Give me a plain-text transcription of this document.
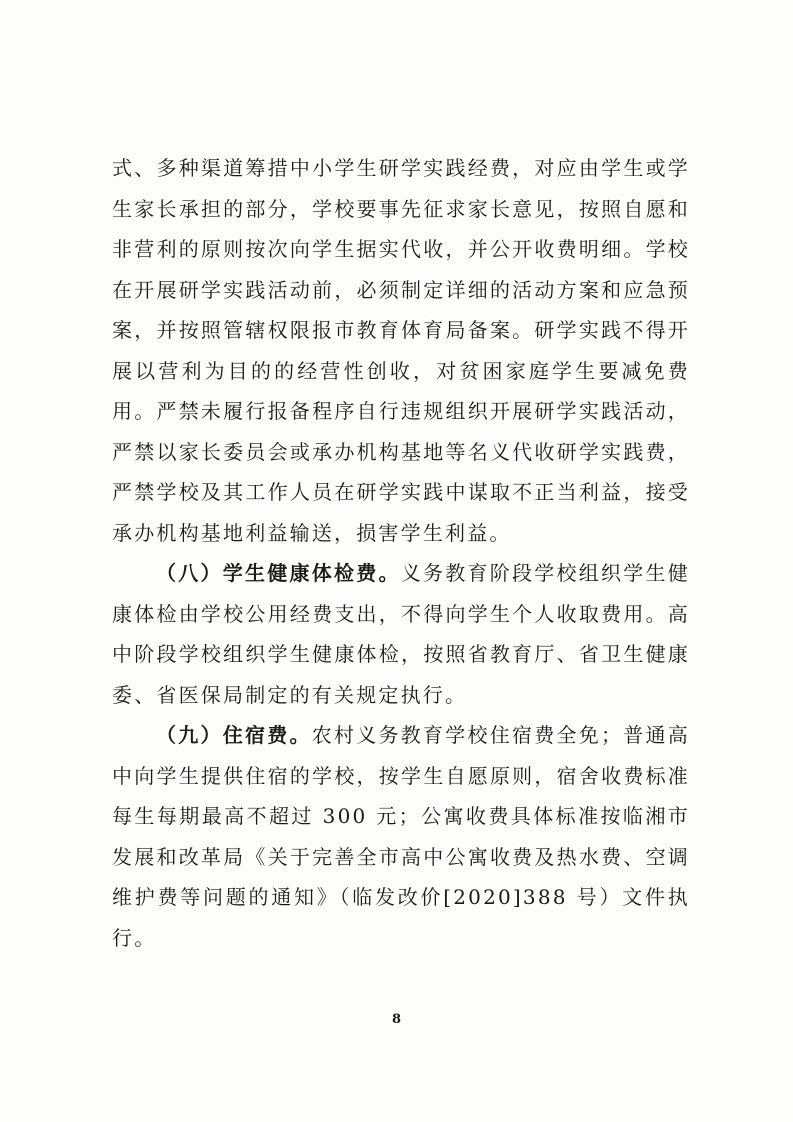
式、多种渠道筹措中小学生研学实践经费，对应由学生或学生家长承担的部分，学校要事先征求家长意见，按照自愿和非营利的原则按次向学生据实代收，并公开收费明细。学校在开展研学实践活动前，必须制定详细的活动方案和应急预案，并按照管辖权限报市教育体育局备案。研学实践不得开展以营利为目的的经营性创收，对贫困家庭学生要减免费用。严禁未履行报备程序自行违规组织开展研学实践活动，严禁以家长委员会或承办机构基地等名义代收研学实践费，严禁学校及其工作人员在研学实践中谋取不正当利益，接受承办机构基地利益输送，损害学生利益。

（八）学生健康体检费。义务教育阶段学校组织学生健康体检由学校公用经费支出，不得向学生个人收取费用。高中阶段学校组织学生健康体检，按照省教育厅、省卫生健康委、省医保局制定的有关规定执行。

（九）住宿费。农村义务教育学校住宿费全免；普通高中向学生提供住宿的学校，按学生自愿原则，宿舍收费标准每生每期最高不超过 300 元；公寓收费具体标准按临湘市发展和改革局《关于完善全市高中公寓收费及热水费、空调维护费等问题的通知》（临发改价[2020]388 号）文件执行。

8
